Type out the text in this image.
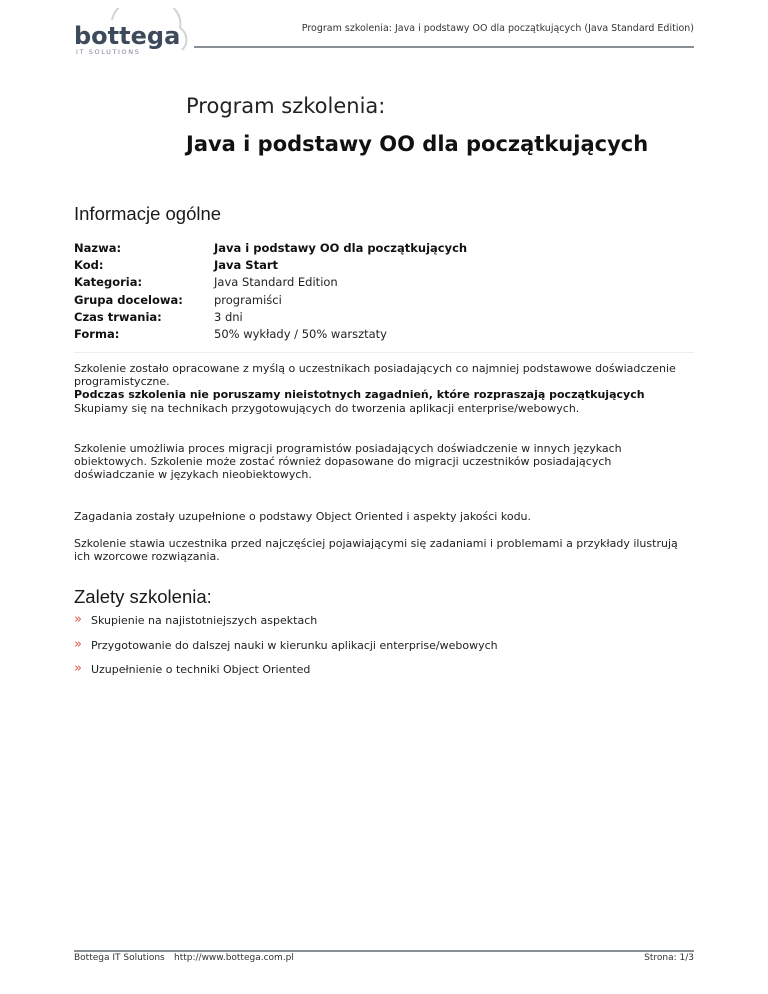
bottega
IT SOLUTIONS
Program szkolenia: Java i podstawy OO dla początkujących (Java Standard Edition)
Program szkolenia:
Java i podstawy OO dla początkujących
Informacje ogólne
Nazwa:	Java i podstawy OO dla początkujących
Kod:	Java Start
Kategoria:	Java Standard Edition
Grupa docelowa:	programiści
Czas trwania:	3 dni
Forma:	50% wykłady / 50% warsztaty
Szkolenie zostało opracowane z myślą o uczestnikach posiadających co najmniej podstawowe doświadczenie programistyczne.
Podczas szkolenia nie poruszamy nieistotnych zagadnień, które rozpraszają początkujących
Skupiamy się na technikach przygotowujących do tworzenia aplikacji enterprise/webowych.

Szkolenie umożliwia proces migracji programistów posiadających doświadczenie w innych językach obiektowych. Szkolenie może zostać również dopasowane do migracji uczestników posiadających doświadczanie w językach nieobiektowych.

Zagadania zostały uzupełnione o podstawy Object Oriented i aspekty jakości kodu.

Szkolenie stawia uczestnika przed najczęściej pojawiającymi się zadaniami i problemami a przykłady ilustrują ich wzorcowe rozwiązania.

Zalety szkolenia:
» Skupienie na najistotniejszych aspektach
» Przygotowanie do dalszej nauki w kierunku aplikacji enterprise/webowych
» Uzupełnienie o techniki Object Oriented
Bottega IT Solutions http://www.bottega.com.pl	Strona: 1/3
